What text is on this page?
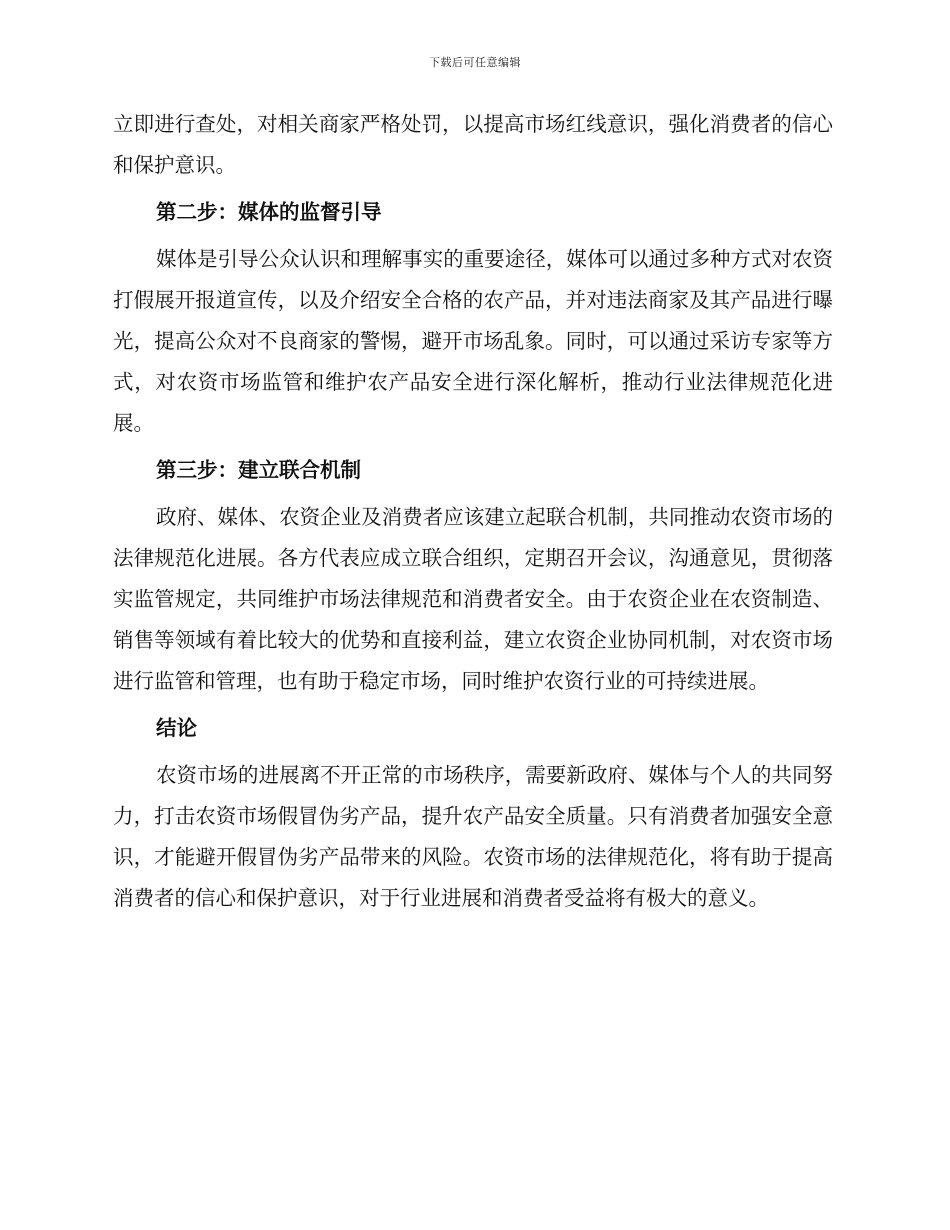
下载后可任意编辑

立即进行查处，对相关商家严格处罚，以提高市场红线意识，强化消费者的信心和保护意识。

第二步：媒体的监督引导

媒体是引导公众认识和理解事实的重要途径，媒体可以通过多种方式对农资打假展开报道宣传，以及介绍安全合格的农产品，并对违法商家及其产品进行曝光，提高公众对不良商家的警惕，避开市场乱象。同时，可以通过采访专家等方式，对农资市场监管和维护农产品安全进行深化解析，推动行业法律规范化进展。

第三步：建立联合机制

政府、媒体、农资企业及消费者应该建立起联合机制，共同推动农资市场的法律规范化进展。各方代表应成立联合组织，定期召开会议，沟通意见，贯彻落实监管规定，共同维护市场法律规范和消费者安全。由于农资企业在农资制造、销售等领域有着比较大的优势和直接利益，建立农资企业协同机制，对农资市场进行监管和管理，也有助于稳定市场，同时维护农资行业的可持续进展。

结论

农资市场的进展离不开正常的市场秩序，需要新政府、媒体与个人的共同努力，打击农资市场假冒伪劣产品，提升农产品安全质量。只有消费者加强安全意识，才能避开假冒伪劣产品带来的风险。农资市场的法律规范化，将有助于提高消费者的信心和保护意识，对于行业进展和消费者受益将有极大的意义。
